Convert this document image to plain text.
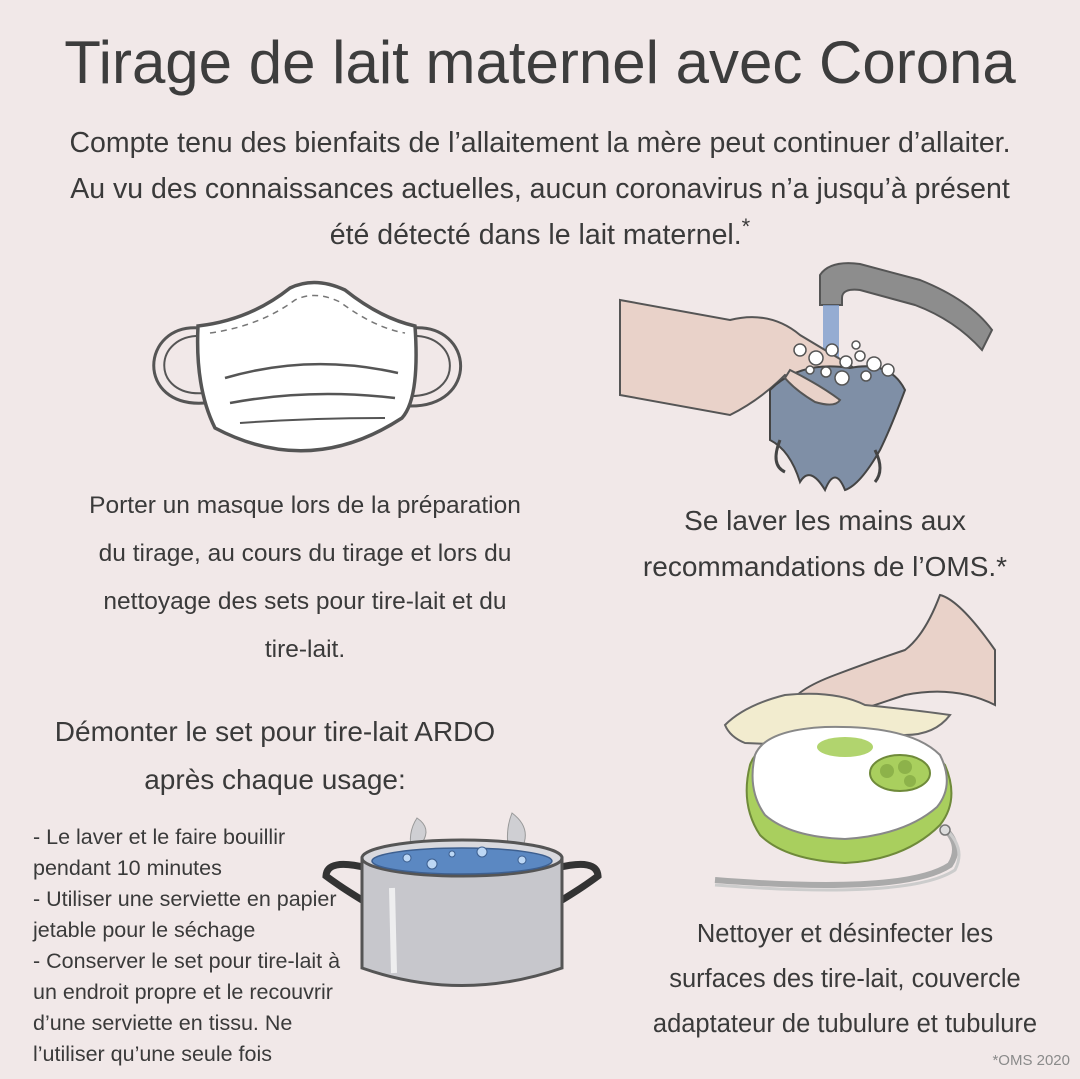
Tirage de lait maternel avec Corona
Compte tenu des bienfaits de l’allaitement la mère peut continuer d’allaiter.
Au vu des connaissances actuelles, aucun coronavirus n’a jusqu’à présent
été détecté dans le lait maternel.*
Porter un masque lors de la préparation
du tirage, au cours du tirage et lors du
nettoyage des sets pour tire-lait et du
tire-lait.
Se laver les mains aux
recommandations de l’OMS.*
Nettoyer et désinfecter les
surfaces des tire-lait, couvercle
adaptateur de tubulure et tubulure
Démonter le set pour tire-lait ARDO
après chaque usage:
- Le laver et le faire bouillir
pendant 10 minutes
- Utiliser une serviette en papier
jetable pour le séchage
- Conserver le set pour tire-lait à
un endroit propre et le recouvrir
d’une serviette en tissu. Ne
l’utiliser qu’une seule fois	*OMS 2020
